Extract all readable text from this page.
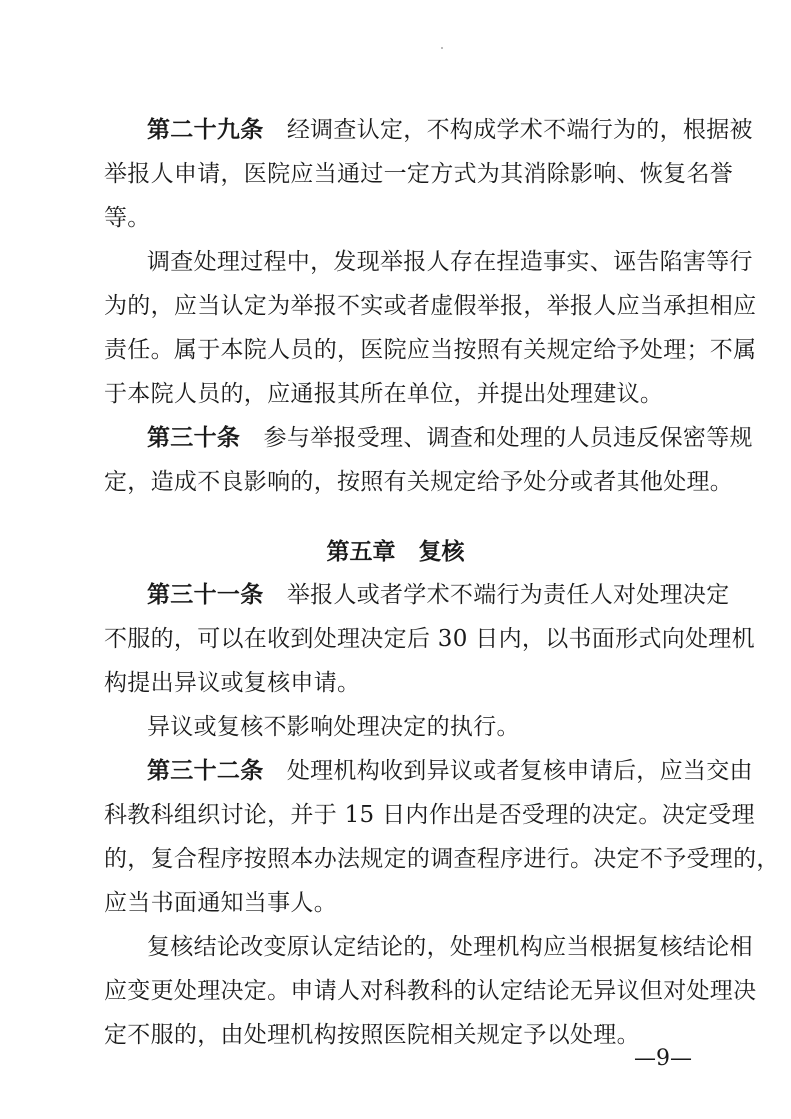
第二十九条　 经调查认定，不构成学术不端行为的，根据被
举报人申请，医院应当通过一定方式为其消除影响、恢复名誉
等。
调查处理过程中，发现举报人存在捏造事实、诬告陷害等行
为的，应当认定为举报不实或者虚假举报，举报人应当承担相应
责任。属于本院人员的，医院应当按照有关规定给予处理；不属
于本院人员的，应通报其所在单位，并提出处理建议。
第三十条　 参与举报受理、调查和处理的人员违反保密等规
定，造成不良影响的，按照有关规定给予处分或者其他处理。
第五章　复核
第三十一条　 举报人或者学术不端行为责任人对处理决定
不服的，可以在收到处理决定后 30 日内，以书面形式向处理机
构提出异议或复核申请。
异议或复核不影响处理决定的执行。
第三十二条　 处理机构收到异议或者复核申请后，应当交由
科教科组织讨论，并于 15 日内作出是否受理的决定。决定受理
的，复合程序按照本办法规定的调查程序进行。决定不予受理的，
应当书面通知当事人。
复核结论改变原认定结论的，处理机构应当根据复核结论相
应变更处理决定。申请人对科教科的认定结论无异议但对处理决
定不服的，由处理机构按照医院相关规定予以处理。
—9—
